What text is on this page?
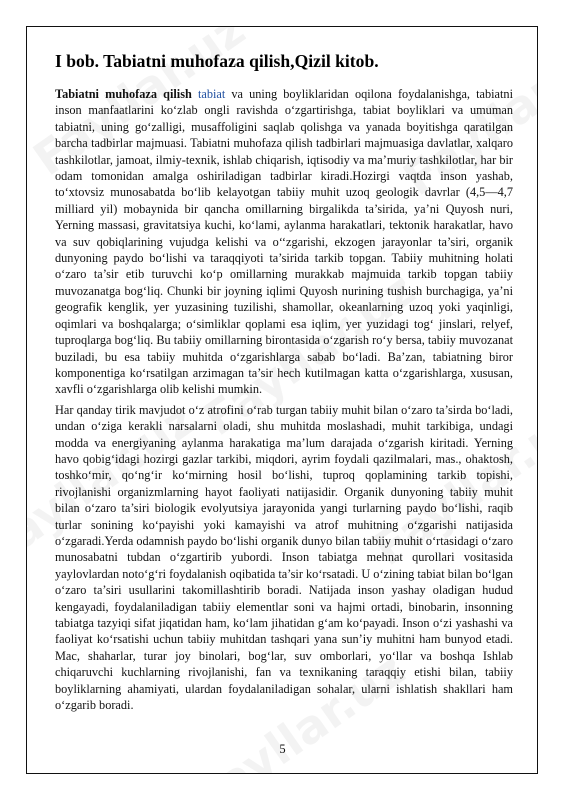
I bob. Tabiatni muhofaza qilish,Qizil kitob.

Tabiatni muhofaza qilish tabiat va uning boyliklaridan oqilona foydalanishga, tabiatni inson manfaatlarini ko‘zlab ongli ravishda o‘zgartirishga, tabiat boyliklari va umuman tabiatni, uning go‘zalligi, musaffoligini saqlab qolishga va yanada boyitishga qaratilgan barcha tadbirlar majmuasi. Tabiatni muhofaza qilish tadbirlari majmuasiga davlatlar, xalqaro tashkilotlar, jamoat, ilmiy-texnik, ishlab chiqarish, iqtisodiy va ma’muriy tashkilotlar, har bir odam tomonidan amalga oshiriladigan tadbirlar kiradi.Hozirgi vaqtda inson yashab, to‘xtovsiz munosabatda bo‘lib kelayotgan tabiiy muhit uzoq geologik davrlar (4,5—4,7 milliard yil) mobaynida bir qancha omillarning birgalikda ta’sirida, ya’ni Quyosh nuri, Yerning massasi, gravitatsiya kuchi, ko‘lami, aylanma harakatlari, tektonik harakatlar, havo va suv qobiqlarining vujudga kelishi va o‘‘zgarishi, ekzogen jarayonlar ta’siri, organik dunyoning paydo bo‘lishi va taraqqiyoti ta’sirida tarkib topgan. Tabiiy muhitning holati o‘zaro ta’sir etib turuvchi ko‘p omillarning murakkab majmuida tarkib topgan tabiiy muvozanatga bog‘liq. Chunki bir joyning iqlimi Quyosh nurining tushish burchagiga, ya’ni geografik kenglik, yer yuzasining tuzilishi, shamollar, okeanlarning uzoq yoki yaqinligi, oqimlari va boshqalarga; o‘simliklar qoplami esa iqlim, yer yuzidagi tog‘ jinslari, relyef, tuproqlarga bog‘liq. Bu tabiiy omillarning birontasida o‘zgarish ro‘y bersa, tabiiy muvozanat buziladi, bu esa tabiiy muhitda o‘zgarishlarga sabab bo‘ladi. Ba’zan, tabiatning biror komponentiga ko‘rsatilgan arzimagan ta’sir hech kutilmagan katta o‘zgarishlarga, xususan, xavfli o‘zgarishlarga olib kelishi mumkin.

Har qanday tirik mavjudot o‘z atrofini o‘rab turgan tabiiy muhit bilan o‘zaro ta’sirda bo‘ladi, undan o‘ziga kerakli narsalarni oladi, shu muhitda moslashadi, muhit tarkibiga, undagi modda va energiyaning aylanma harakatiga ma’lum darajada o‘zgarish kiritadi. Yerning havo qobig‘idagi hozirgi gazlar tarkibi, miqdori, ayrim foydali qazilmalari, mas., ohaktosh, toshko‘mir, qo‘ng‘ir ko‘mirning hosil bo‘lishi, tuproq qoplamining tarkib topishi, rivojlanishi organizmlarning hayot faoliyati natijasidir. Organik dunyoning tabiiy muhit bilan o‘zaro ta’siri biologik evolyutsiya jarayonida yangi turlarning paydo bo‘lishi, raqib turlar sonining ko‘payishi yoki kamayishi va atrof muhitning o‘zgarishi natijasida o‘zgaradi.Yerda odamnish paydo bo‘lishi organik dunyo bilan tabiiy muhit o‘rtasidagi o‘zaro munosabatni tubdan o‘zgartirib yubordi. Inson tabiatga mehnat qurollari vositasida yaylovlardan noto‘g‘ri foydalanish oqibatida ta’sir ko‘rsatadi. U o‘zining tabiat bilan bo‘lgan o‘zaro ta’siri usullarini takomillashtirib boradi. Natijada inson yashay oladigan hudud kengayadi, foydalaniladigan tabiiy elementlar soni va hajmi ortadi, binobarin, insonning tabiatga tazyiqi sifat jiqatidan ham, ko‘lam jihatidan g‘am ko‘payadi. Inson o‘zi yashashi va faoliyat ko‘rsatishi uchun tabiiy muhitdan tashqari yana sun’iy muhitni ham bunyod etadi. Mac, shaharlar, turar joy binolari, bog‘lar, suv omborlari, yo‘llar va boshqa Ishlab chiqaruvchi kuchlarning rivojlanishi, fan va texnikaning taraqqiy etishi bilan, tabiiy boyliklarning ahamiyati, ulardan foydalaniladigan sohalar, ularni ishlatish shakllari ham o‘zgarib boradi.

5
